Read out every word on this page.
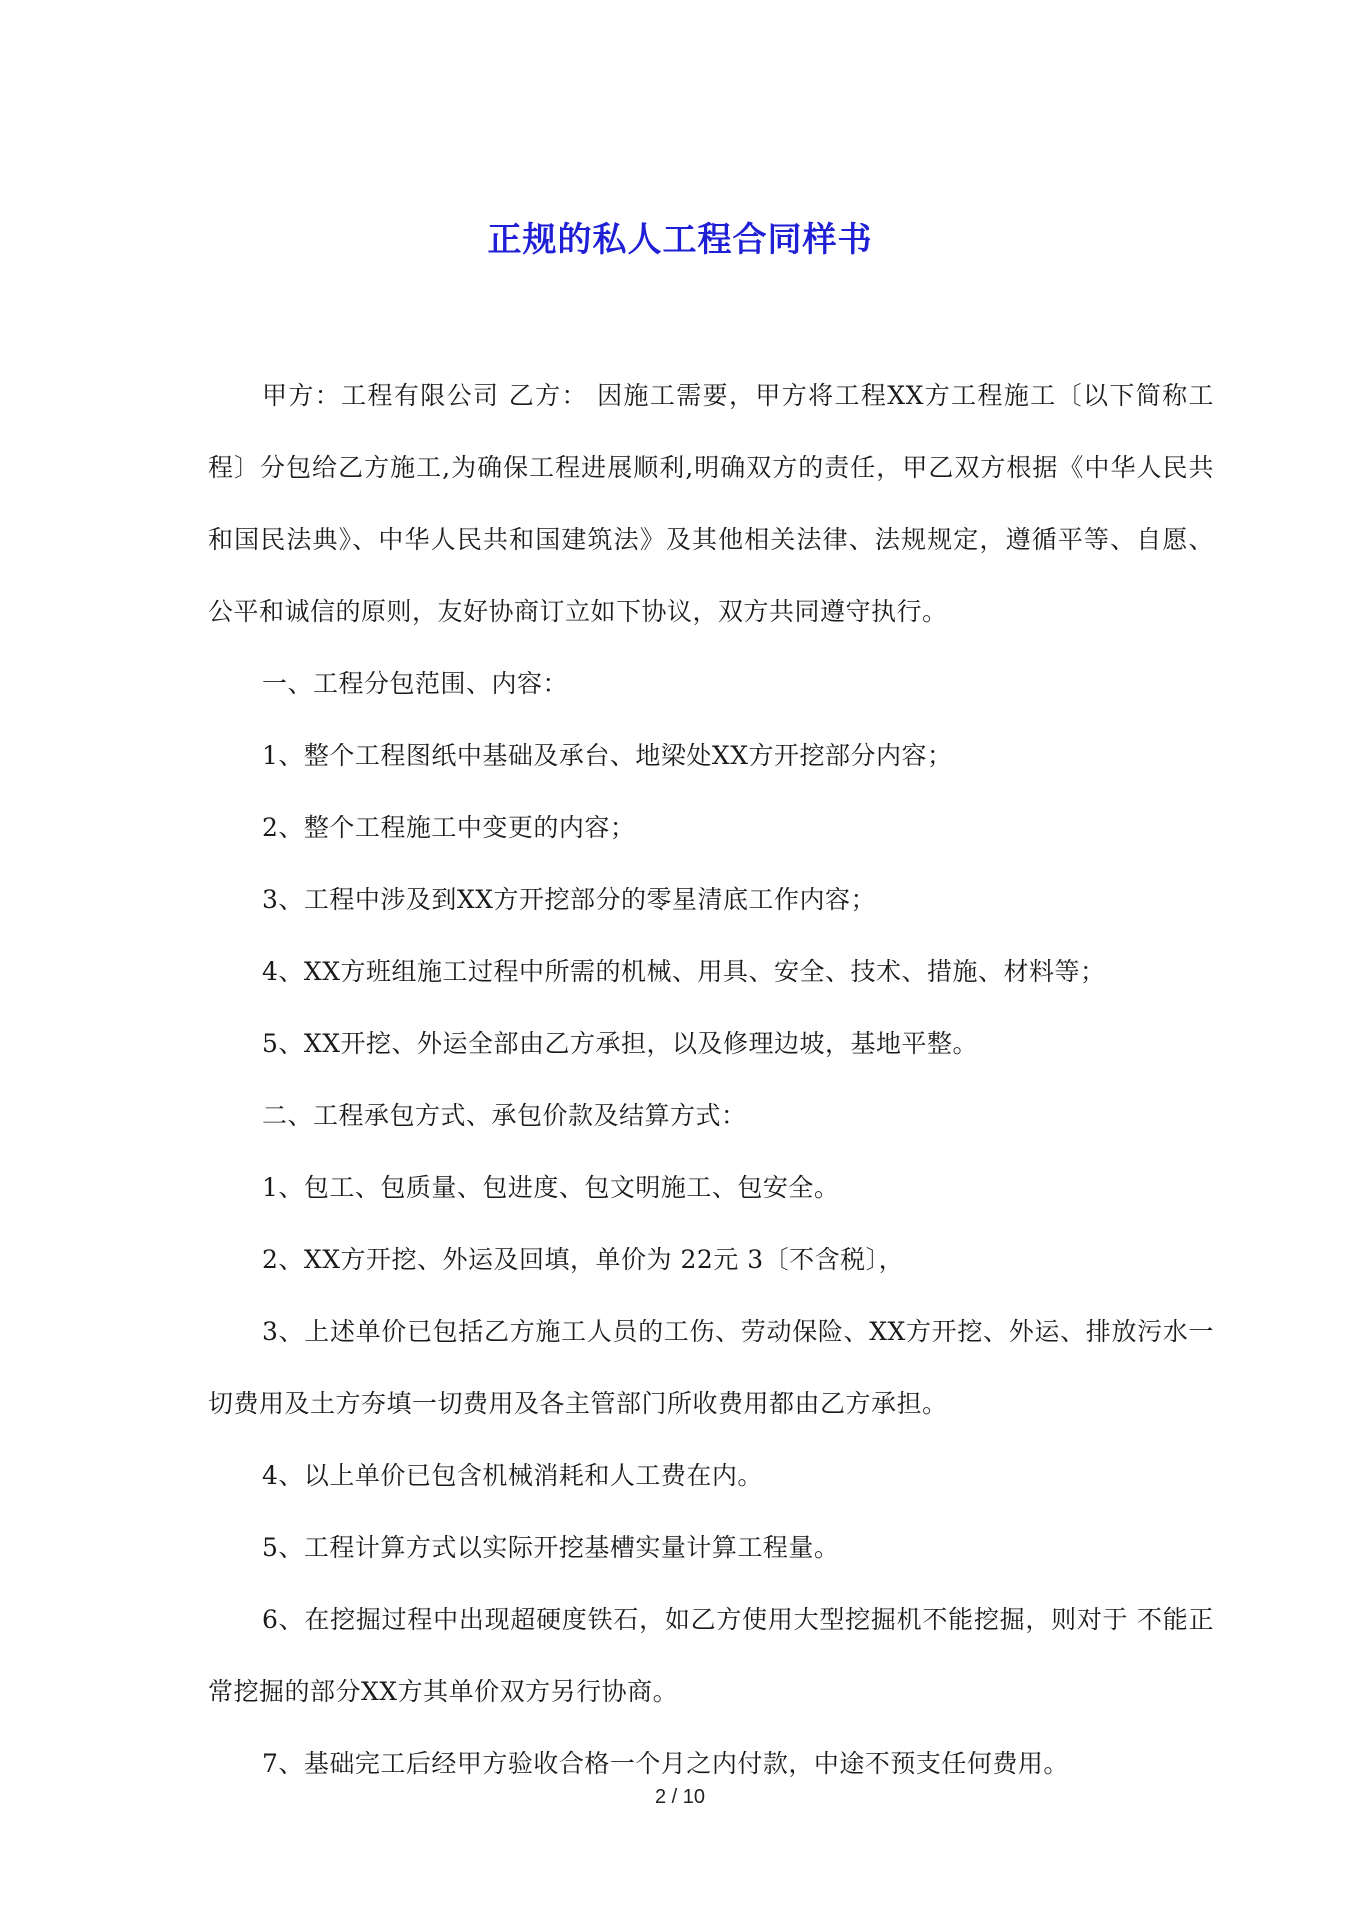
正规的私人工程合同样书

甲方：工程有限公司 乙方： 因施工需要，甲方将工程XX方工程施工〔以下简称工程〕分包给乙方施工,为确保工程进展顺利,明确双方的责任，甲乙双方根据《中华人民共和国民法典》、中华人民共和国建筑法》及其他相关法律、法规规定，遵循平等、自愿、公平和诚信的原则，友好协商订立如下协议，双方共同遵守执行。

一、工程分包范围、内容：

1、整个工程图纸中基础及承台、地梁处XX方开挖部分内容；

2、整个工程施工中变更的内容；

3、工程中涉及到XX方开挖部分的零星清底工作内容；

4、XX方班组施工过程中所需的机械、用具、安全、技术、措施、材料等；

5、XX开挖、外运全部由乙方承担，以及修理边坡，基地平整。

二、工程承包方式、承包价款及结算方式：

1、包工、包质量、包进度、包文明施工、包安全。

2、XX方开挖、外运及回填，单价为 22元 3〔不含税〕，

3、上述单价已包括乙方施工人员的工伤、劳动保险、XX方开挖、外运、排放污水一切费用及土方夯填一切费用及各主管部门所收费用都由乙方承担。

4、以上单价已包含机械消耗和人工费在内。

5、工程计算方式以实际开挖基槽实量计算工程量。

6、在挖掘过程中出现超硬度铁石，如乙方使用大型挖掘机不能挖掘，则对于 不能正常挖掘的部分XX方其单价双方另行协商。

7、基础完工后经甲方验收合格一个月之内付款，中途不预支任何费用。

2 / 10
